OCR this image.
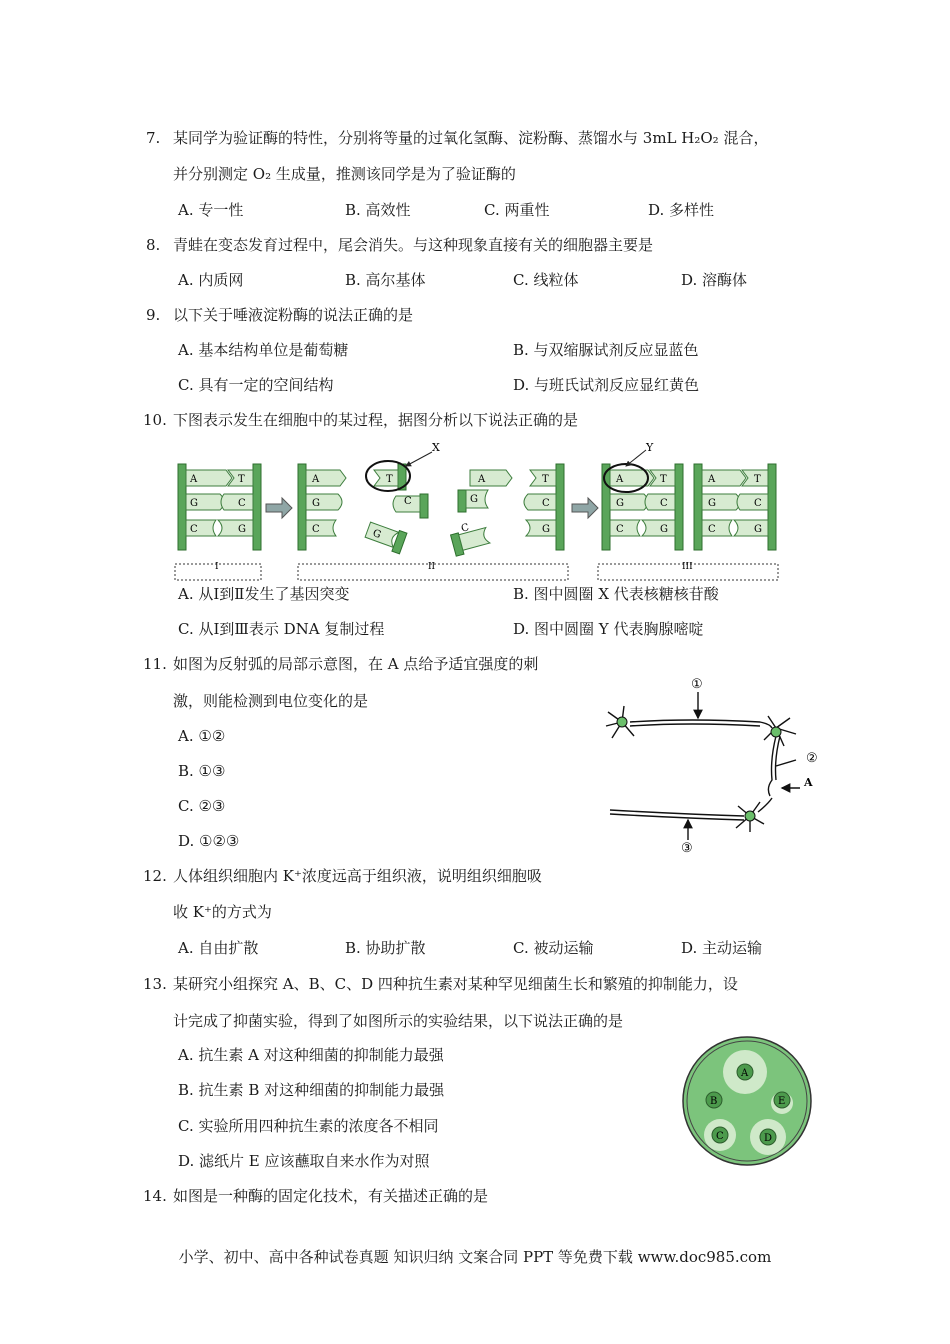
7. 某同学为验证酶的特性，分别将等量的过氧化氢酶、淀粉酶、蒸馏水与 3mL H₂O₂ 混合，
并分别测定 O₂ 生成量，推测该同学是为了验证酶的
A. 专一性	B. 高效性	C. 两重性	D. 多样性
8. 青蛙在变态发育过程中，尾会消失。与这种现象直接有关的细胞器主要是
A. 内质网	B. 高尔基体	C. 线粒体	D. 溶酶体
9. 以下关于唾液淀粉酶的说法正确的是
A. 基本结构单位是葡萄糖	B. 与双缩脲试剂反应显蓝色
C. 具有一定的空间结构	D. 与班氏试剂反应显红黄色
10. 下图表示发生在细胞中的某过程，据图分析以下说法正确的是
A	T
G	C
C	G
A
G
C
T
C
G
G
C
A	T
C
G
X
A	T
G	C
C	G
Y
A	T
G	C
C	G
I	II	III
A. 从Ⅰ到Ⅱ发生了基因突变	B. 图中圆圈 X 代表核糖核苷酸
C. 从Ⅰ到Ⅲ表示 DNA 复制过程	D. 图中圆圈 Y 代表胸腺嘧啶
11. 如图为反射弧的局部示意图，在 A 点给予适宜强度的刺
激，则能检测到电位变化的是
A. ①②
B. ①③
C. ②③
D. ①②③
①
②
A
③
12. 人体组织细胞内 K⁺浓度远高于组织液，说明组织细胞吸
收 K⁺的方式为
A. 自由扩散	B. 协助扩散	C. 被动运输	D. 主动运输
13. 某研究小组探究 A、B、C、D 四种抗生素对某种罕见细菌生长和繁殖的抑制能力，设
计完成了抑菌实验，得到了如图所示的实验结果，以下说法正确的是
A. 抗生素 A 对这种细菌的抑制能力最强
B. 抗生素 B 对这种细菌的抑制能力最强
C. 实验所用四种抗生素的浓度各不相同
D. 滤纸片 E 应该蘸取自来水作为对照
A
B
C	D
E
14. 如图是一种酶的固定化技术，有关描述正确的是
小学、初中、高中各种试卷真题 知识归纳 文案合同 PPT 等免费下载 www.doc985.com
